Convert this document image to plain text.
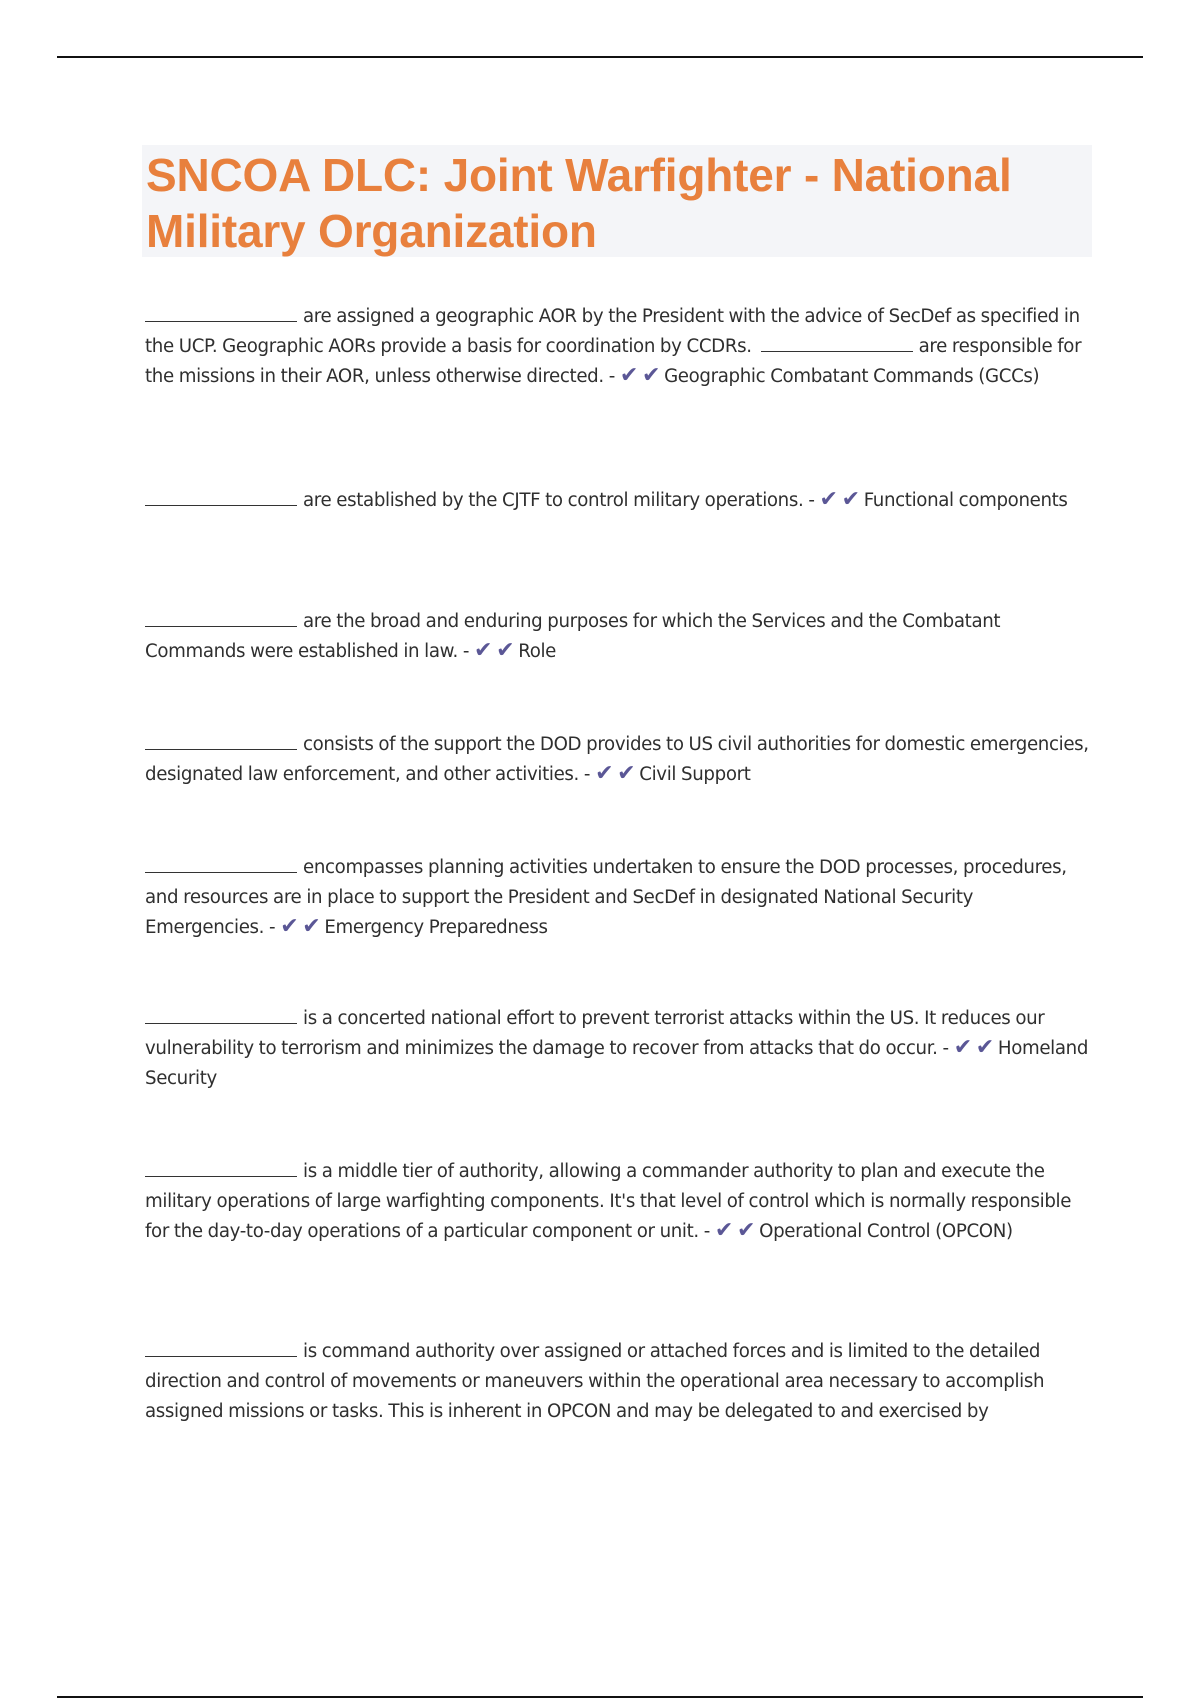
SNCOA DLC: Joint Warfighter - National Military Organization

are assigned a geographic AOR by the President with the advice of SecDef as specified in the UCP. Geographic AORs provide a basis for coordination by CCDRs.	are responsible for the missions in their AOR, unless otherwise directed. - ✔ ✔ Geographic Combatant Commands (GCCs)

are established by the CJTF to control military operations. - ✔ ✔ Functional components

are the broad and enduring purposes for which the Services and the Combatant Commands were established in law. - ✔ ✔ Role

consists of the support the DOD provides to US civil authorities for domestic emergencies, designated law enforcement, and other activities. - ✔ ✔ Civil Support

encompasses planning activities undertaken to ensure the DOD processes, procedures, and resources are in place to support the President and SecDef in designated National Security Emergencies. - ✔ ✔ Emergency Preparedness

is a concerted national effort to prevent terrorist attacks within the US. It reduces our vulnerability to terrorism and minimizes the damage to recover from attacks that do occur. - ✔ ✔ Homeland Security

is a middle tier of authority, allowing a commander authority to plan and execute the military operations of large warfighting components. It's that level of control which is normally responsible for the day-to-day operations of a particular component or unit. - ✔ ✔ Operational Control (OPCON)

is command authority over assigned or attached forces and is limited to the detailed direction and control of movements or maneuvers within the operational area necessary to accomplish assigned missions or tasks. This is inherent in OPCON and may be delegated to and exercised by
